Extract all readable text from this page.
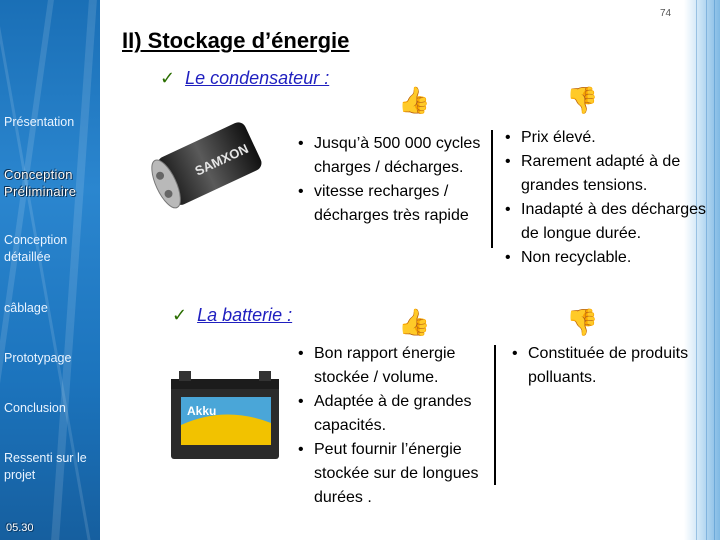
Présentation
Conception Préliminaire
Conception détaillée
câblage
Prototypage
Conclusion
Ressenti sur le projet
05.30
74
II) Stockage d’énergie
✓ Le condensateur :
👍	👎
SAMXON
•	Jusqu’à 500 000 cycles charges / décharges.
• vitesse recharges / décharges très rapide
• Prix élevé.
• Rarement adapté à de grandes tensions.
• Inadapté à des décharges de longue durée.
• Non recyclable.
✓ La batterie :	👍	👎
Akku
• Bon rapport énergie stockée / volume.
• Adaptée à de grandes capacités.
• Peut fournir l’énergie stockée sur de longues durées .
• Constituée de produits polluants.
